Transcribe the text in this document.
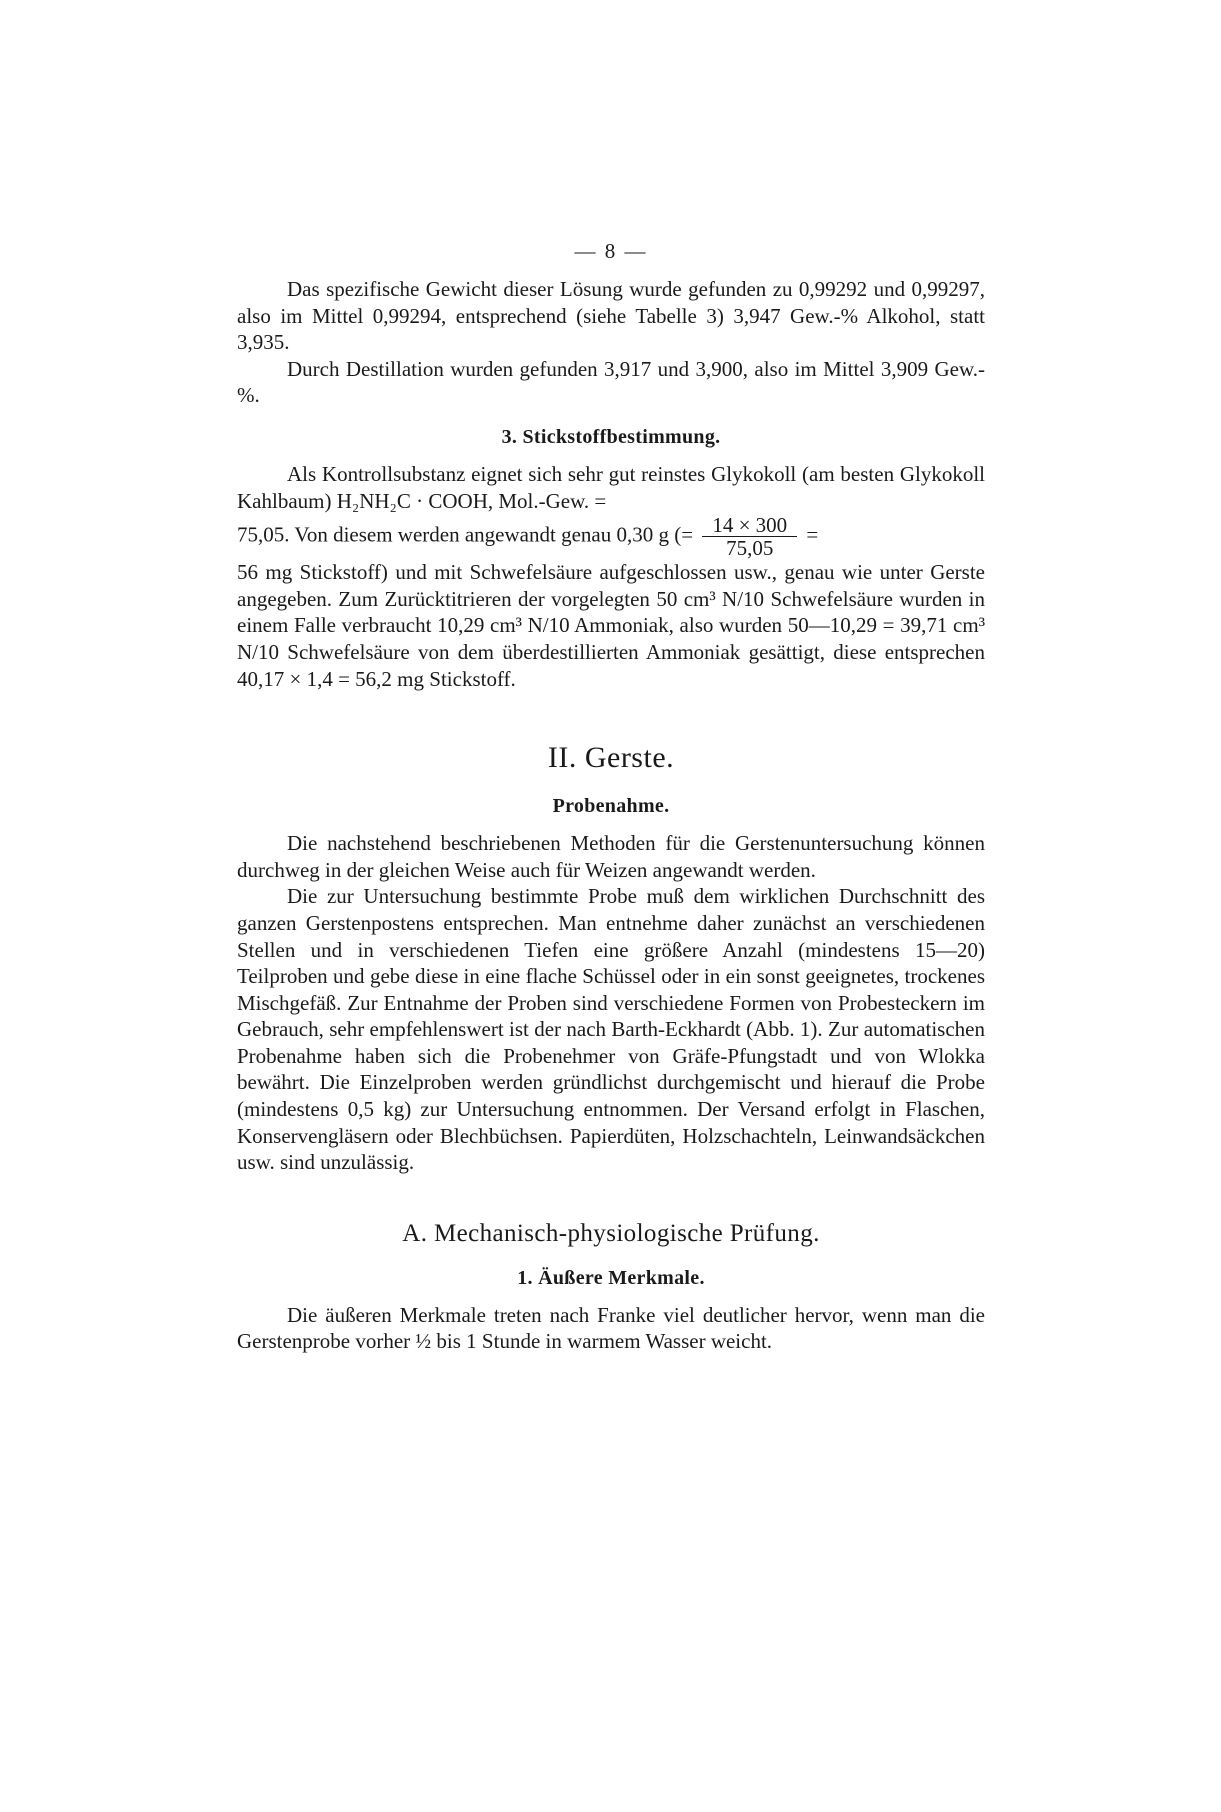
— 8 —

Das spezifische Gewicht dieser Lösung wurde gefunden zu 0,99292 und 0,99297, also im Mittel 0,99294, entsprechend (siehe Tabelle 3) 3,947 Gew.-% Alkohol, statt 3,935.

Durch Destillation wurden gefunden 3,917 und 3,900, also im Mittel 3,909 Gew.-%.

3. Stickstoffbestimmung.

Als Kontrollsubstanz eignet sich sehr gut reinstes Glykokoll (am besten Glykokoll Kahlbaum) H₂NH₂C · COOH, Mol.-Gew. =

75,05. Von diesem werden angewandt genau 0,30 g (= $\frac{14 \times 300}{75,05}$ =

56 mg Stickstoff) und mit Schwefelsäure aufgeschlossen usw., genau wie unter Gerste angegeben. Zum Zurücktitrieren der vorgelegten 50 cm³ N/10 Schwefelsäure wurden in einem Falle verbraucht 10,29 cm³ N/10 Ammoniak, also wurden 50—10,29 = 39,71 cm³ N/10 Schwefelsäure von dem überdestillierten Ammoniak gesättigt, diese entsprechen 40,17 × 1,4 = 56,2 mg Stickstoff.

II. Gerste.
Probenahme.

Die nachstehend beschriebenen Methoden für die Gerstenuntersuchung können durchweg in der gleichen Weise auch für Weizen angewandt werden.

Die zur Untersuchung bestimmte Probe muß dem wirklichen Durchschnitt des ganzen Gerstenpostens entsprechen. Man entnehme daher zunächst an verschiedenen Stellen und in verschiedenen Tiefen eine größere Anzahl (mindestens 15—20) Teilproben und gebe diese in eine flache Schüssel oder in ein sonst geeignetes, trockenes Mischgefäß. Zur Entnahme der Proben sind verschiedene Formen von Probesteckern im Gebrauch, sehr empfehlenswert ist der nach Barth-Eckhardt (Abb. 1). Zur automatischen Probenahme haben sich die Probenehmer von Gräfe-Pfungstadt und von Wlokka bewährt. Die Einzelproben werden gründlichst durchgemischt und hierauf die Probe (mindestens 0,5 kg) zur Untersuchung entnommen. Der Versand erfolgt in Flaschen, Konservengläsern oder Blechbüchsen. Papierdüten, Holzschachteln, Leinwandsäckchen usw. sind unzulässig.

A. Mechanisch-physiologische Prüfung.
1. Äußere Merkmale.

Die äußeren Merkmale treten nach Franke viel deutlicher hervor, wenn man die Gerstenprobe vorher ½ bis 1 Stunde in warmem Wasser weicht.
